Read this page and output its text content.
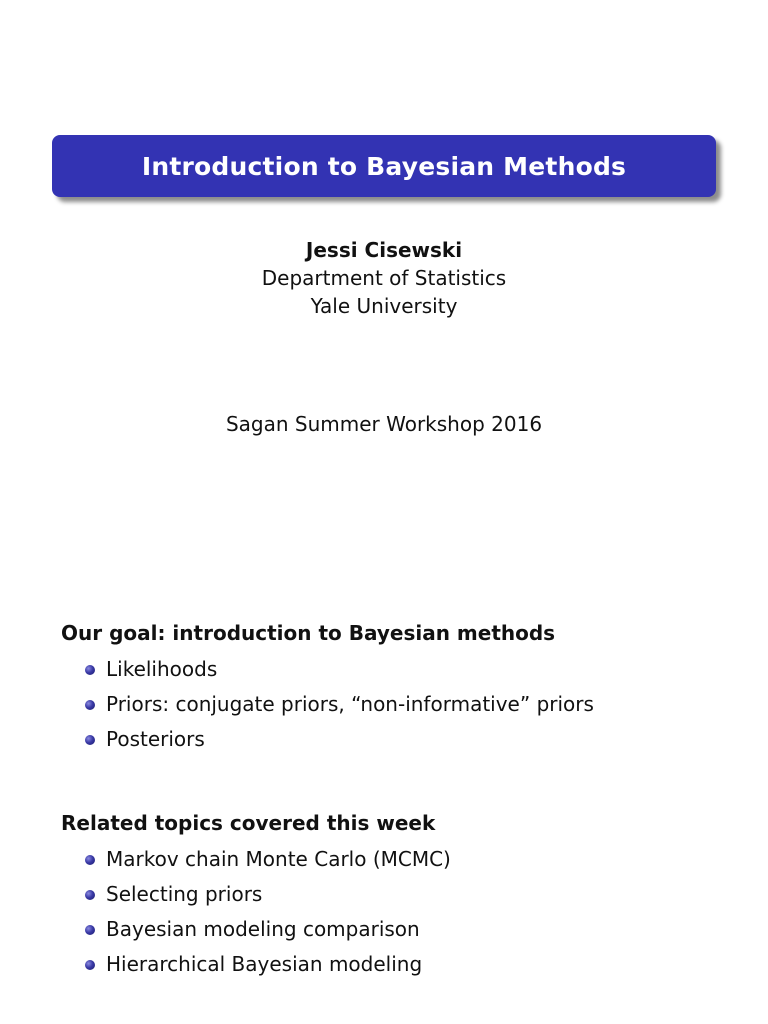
Introduction to Bayesian Methods
Jessi Cisewski
Department of Statistics
Yale University
Sagan Summer Workshop 2016
Our goal: introduction to Bayesian methods
Likelihoods
Priors: conjugate priors, “non-informative” priors
Posteriors
Related topics covered this week
Markov chain Monte Carlo (MCMC)
Selecting priors
Bayesian modeling comparison
Hierarchical Bayesian modeling
